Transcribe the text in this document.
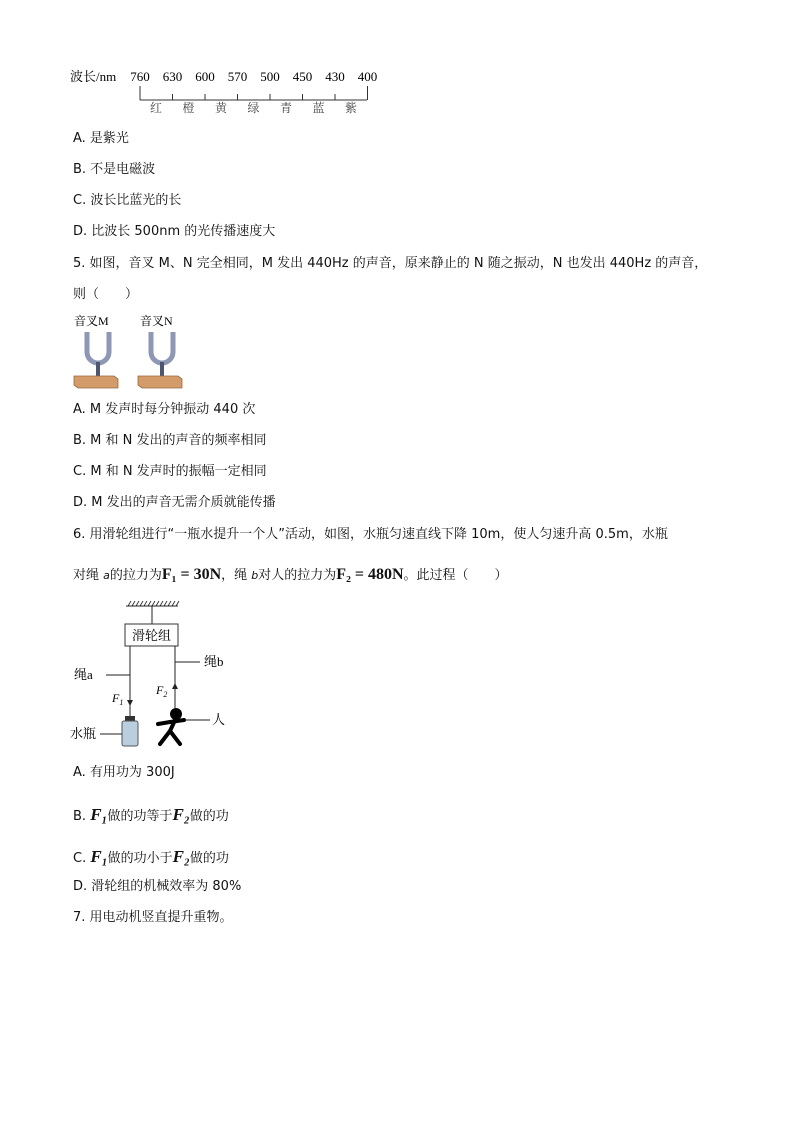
波长/nm 760 630 600 570 500 450 430 400
红 橙 黄 绿 青 蓝 紫
A. 是紫光
B. 不是电磁波
C. 波长比蓝光的长
D. 比波长 500nm 的光传播速度大
5. 如图，音叉 M、N 完全相同，M 发出 440Hz 的声音，原来静止的 N 随之振动，N 也发出 440Hz 的声音，
则（　　）
音叉M	音叉N
A. M 发声时每分钟振动 440 次
B. M 和 N 发出的声音的频率相同
C. M 和 N 发声时的振幅一定相同
D. M 发出的声音无需介质就能传播
6. 用滑轮组进行“一瓶水提升一个人”活动，如图，水瓶匀速直线下降 10m，使人匀速升高 0.5m，水瓶
对绳 a的拉力为F₁ = 30N，绳 b对人的拉力为F₂ = 480N。此过程（　　）
滑轮组
绳b
绳a
$F_1$
$F_2$
水瓶
人
A. 有用功为 300J
B. F₁做的功等于F₂做的功
C. F₁做的功小于F₂做的功
D. 滑轮组的机械效率为 80%
7. 用电动机竖直提升重物。
